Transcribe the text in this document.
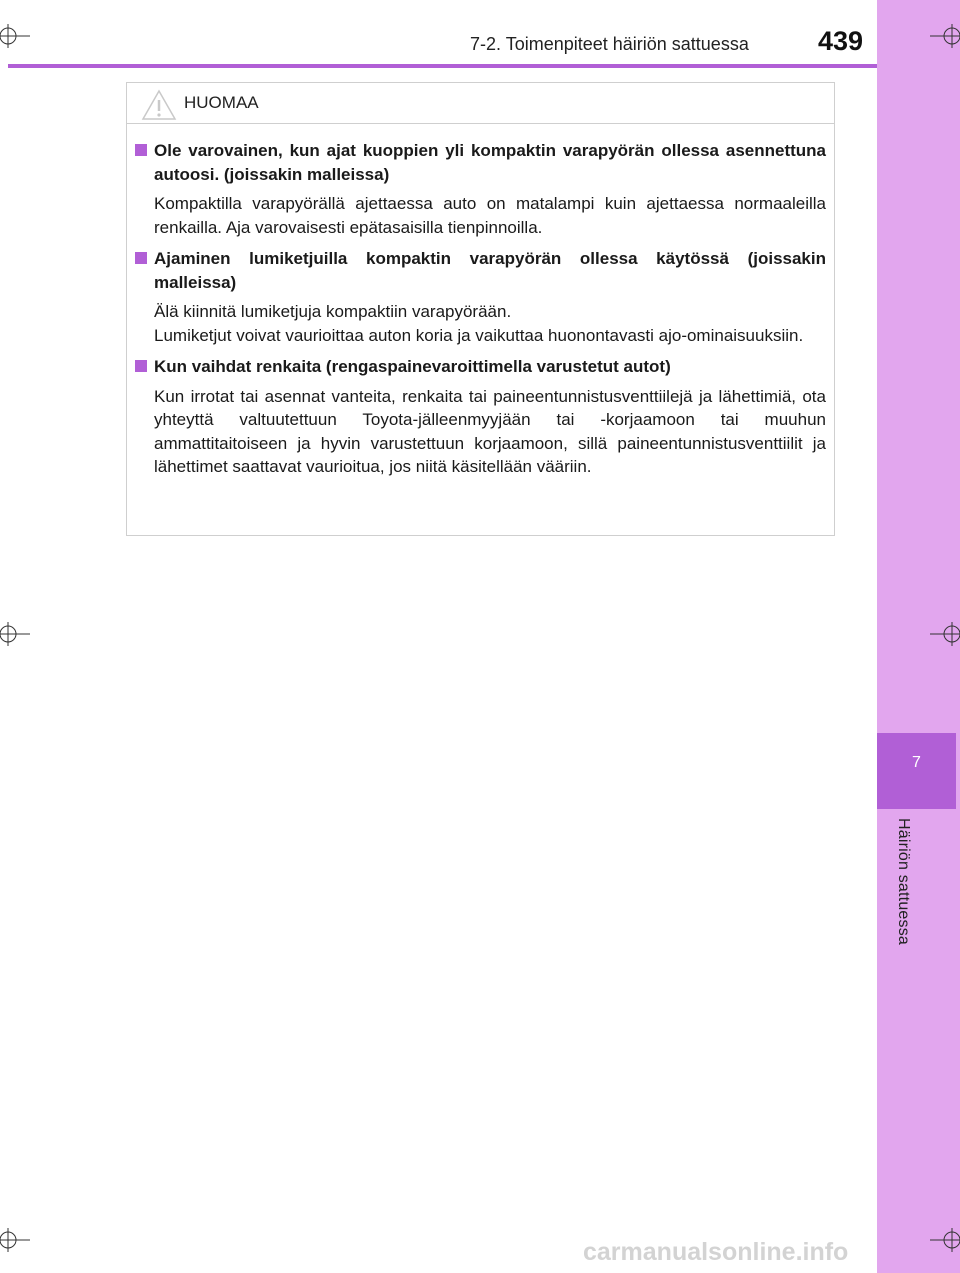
7
Häiriön sattuessa
7-2. Toimenpiteet häiriön sattuessa	439
HUOMAA
Ole varovainen, kun ajat kuoppien yli kompaktin varapyörän ollessa asennettuna autoosi. (joissakin malleissa)
Kompaktilla varapyörällä ajettaessa auto on matalampi kuin ajettaessa normaaleilla renkailla. Aja varovaisesti epätasaisilla tienpinnoilla.
Ajaminen lumiketjuilla kompaktin varapyörän ollessa käytössä (joissakin malleissa)
Älä kiinnitä lumiketjuja kompaktiin varapyörään.
Lumiketjut voivat vaurioittaa auton koria ja vaikuttaa huonontavasti ajo-ominaisuuksiin.
Kun vaihdat renkaita (rengaspainevaroittimella varustetut autot)
Kun irrotat tai asennat vanteita, renkaita tai paineentunnistusventtiilejä ja lähettimiä, ota yhteyttä valtuutettuun Toyota-jälleenmyyjään tai -korjaamoon tai muuhun ammattitaitoiseen ja hyvin varustettuun korjaamoon, sillä paineentunnistusventtiilit ja lähettimet saattavat vaurioitua, jos niitä käsitellään vääriin.
carmanualsonline.info
